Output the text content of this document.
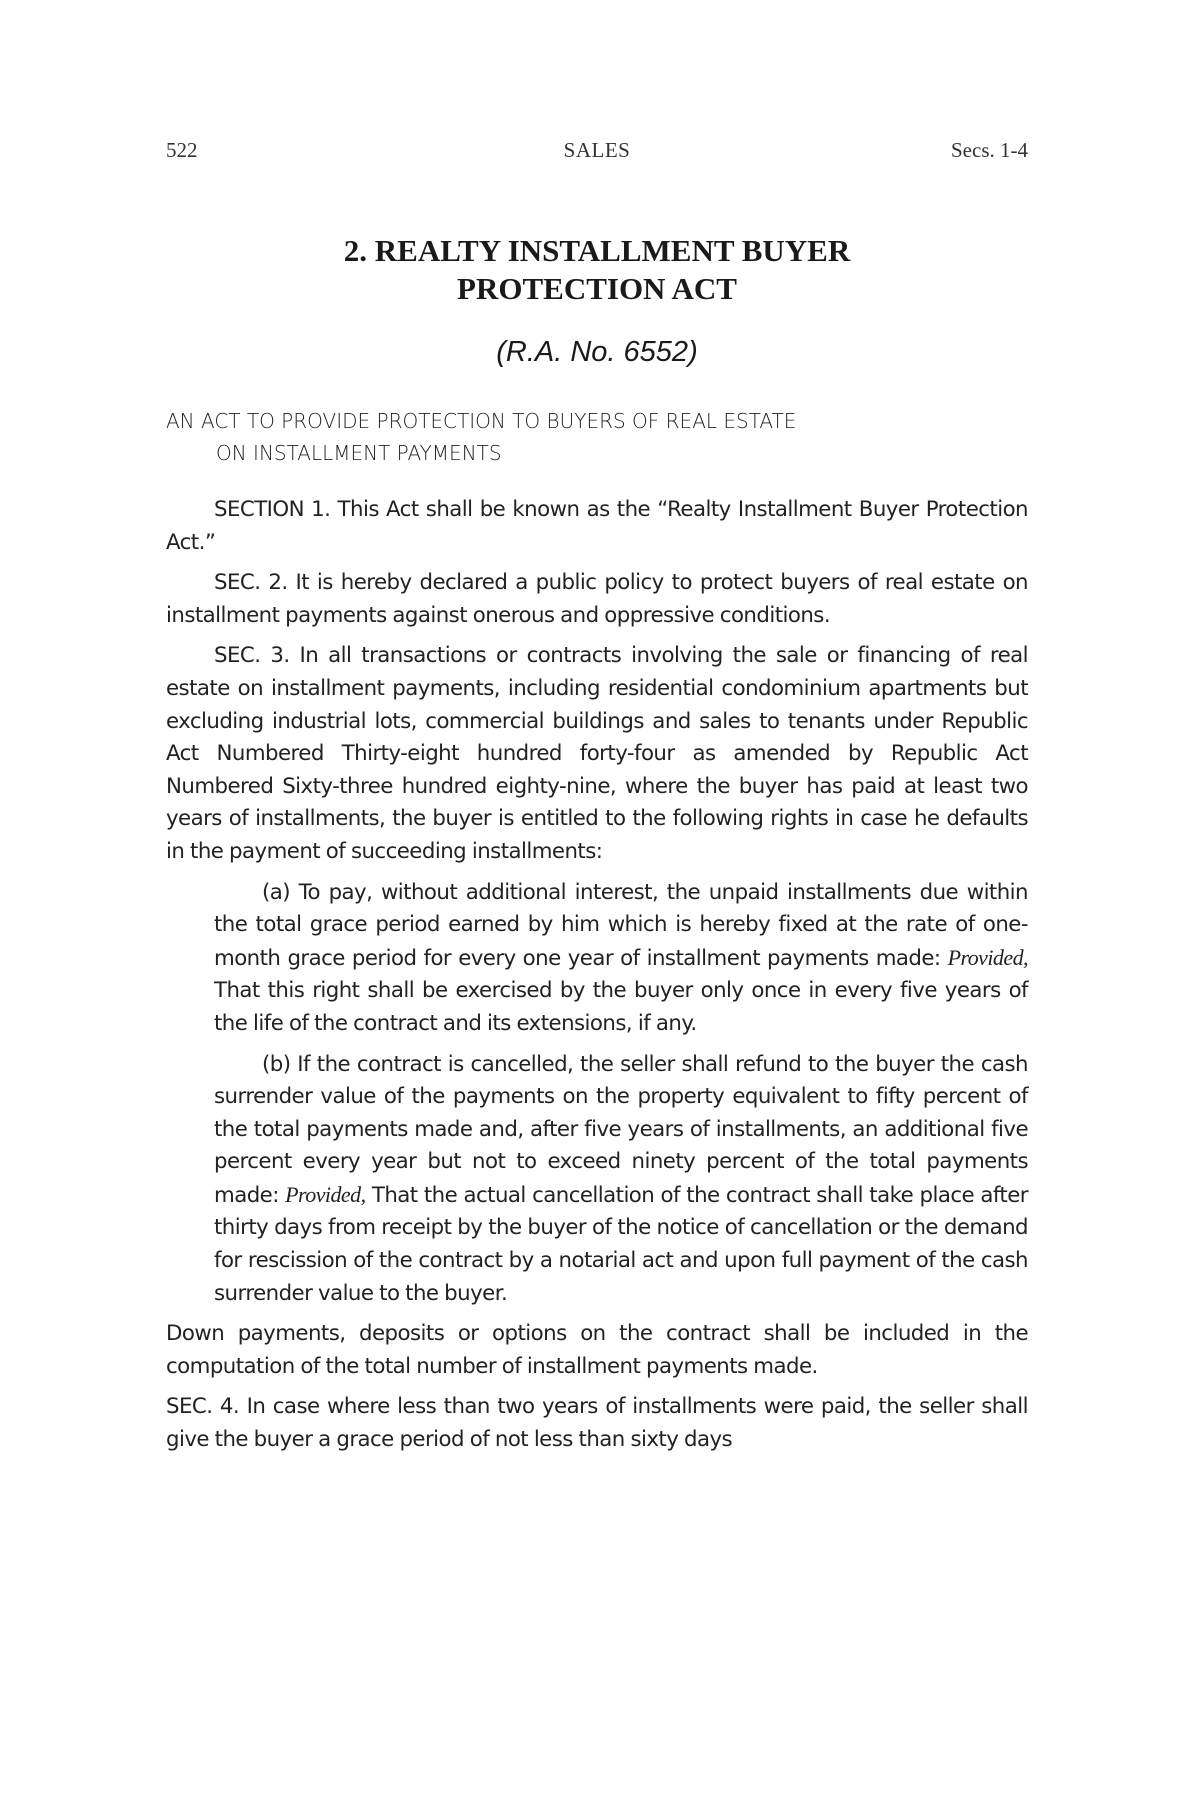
522	SALES	Secs. 1-4
2. REALTY INSTALLMENT BUYER
PROTECTION ACT
(R.A. No. 6552)
AN ACT TO PROVIDE PROTECTION TO BUYERS OF REAL ESTATE
ON INSTALLMENT PAYMENTS

SECTION 1. This Act shall be known as the “Realty Installment Buyer Protection Act.”

SEC. 2. It is hereby declared a public policy to protect buyers of real estate on installment payments against onerous and oppressive conditions.

SEC. 3. In all transactions or contracts involving the sale or financing of real estate on installment payments, including residential condominium apartments but excluding industrial lots, commercial buildings and sales to tenants under Republic Act Numbered Thirty-eight hundred forty-four as amended by Republic Act Numbered Sixty-three hundred eighty-nine, where the buyer has paid at least two years of installments, the buyer is entitled to the following rights in case he defaults in the payment of succeeding installments:

(a) To pay, without additional interest, the unpaid installments due within the total grace period earned by him which is hereby fixed at the rate of one-month grace period for every one year of installment payments made: Provided, That this right shall be exercised by the buyer only once in every five years of the life of the contract and its extensions, if any.

(b) If the contract is cancelled, the seller shall refund to the buyer the cash surrender value of the payments on the property equivalent to fifty percent of the total payments made and, after five years of installments, an additional five percent every year but not to exceed ninety percent of the total payments made: Provided, That the actual cancellation of the contract shall take place after thirty days from receipt by the buyer of the notice of cancellation or the demand for rescission of the contract by a notarial act and upon full payment of the cash surrender value to the buyer.

Down payments, deposits or options on the contract shall be included in the computation of the total number of installment payments made.

SEC. 4. In case where less than two years of installments were paid, the seller shall give the buyer a grace period of not less than sixty days
